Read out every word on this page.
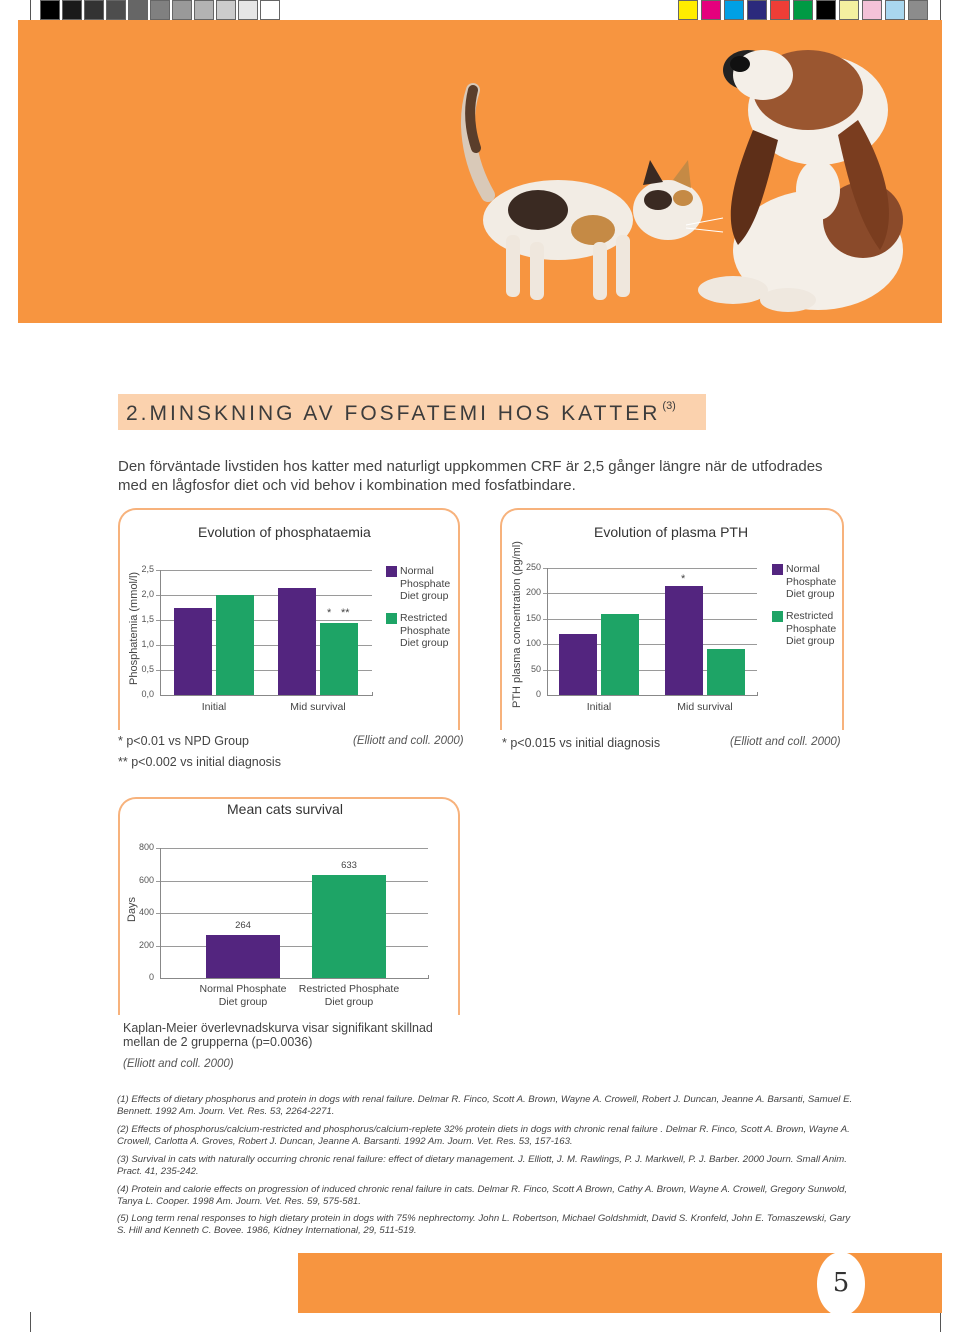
2.MINSKNING AV FOSFATEMI HOS KATTER $^{(3)}$
Den förväntade livstiden hos katter med naturligt uppkommen CRF är 2,5 gånger längre när de utfodrades
med en lågfosfor diet och vid behov i kombination med fosfatbindare.
Evolution of phosphataemia
Phosphatemia (mmol/l)
2,5
2,0
1,5
1,0
0,5
0,0
Initial	Mid survival
* **
Normal
Phosphate
Diet group
Restricted
Phosphate
Diet group
Evolution of plasma PTH
PTH plasma concentration (pg/ml) 250
200
150
100
50
0
Initial	Mid survival
*
Normal
Phosphate
Diet group
Restricted
Phosphate
Diet group
* p<0.01 vs NPD Group
** p<0.002 vs initial diagnosis
(Elliott and coll. 2000)	* p<0.015 vs initial diagnosis	(Elliott and coll. 2000)
Mean cats survival
Days
800
600
400
200
0
264
Normal Phosphate
Diet group
633
Restricted Phosphate
Diet group
Kaplan-Meier överlevnadskurva visar signifikant skillnad
mellan de 2 grupperna (p=0.0036)
(Elliott and coll. 2000)
(1) Effects of dietary phosphorus and protein in dogs with renal failure. Delmar R. Finco, Scott A. Brown, Wayne A. Crowell, Robert J. Duncan, Jeanne A. Barsanti, Samuel E. Bennett. 1992 Am. Journ. Vet. Res. 53, 2264-2271.
(2) Effects of phosphorus/calcium-restricted and phosphorus/calcium-replete 32% protein diets in dogs with chronic renal failure . Delmar R. Finco, Scott A. Brown, Wayne A. Crowell, Carlotta A. Groves, Robert J. Duncan, Jeanne A. Barsanti. 1992 Am. Journ. Vet. Res. 53, 157-163.
(3) Survival in cats with naturally occurring chronic renal failure: effect of dietary management. J. Elliott, J. M. Rawlings, P. J. Markwell, P. J. Barber. 2000 Journ. Small Anim. Pract. 41, 235-242.
(4) Protein and calorie effects on progression of induced chronic renal failure in cats. Delmar R. Finco, Scott A Brown, Cathy A. Brown, Wayne A. Crowell, Gregory Sunwold, Tanya L. Cooper. 1998 Am. Journ. Vet. Res. 59, 575-581.
(5) Long term renal responses to high dietary protein in dogs with 75% nephrectomy. John L. Robertson, Michael Goldshmidt, David S. Kronfeld, John E. Tomaszewski, Gary S. Hill and Kenneth C. Bovee. 1986, Kidney International, 29, 511-519.
5
